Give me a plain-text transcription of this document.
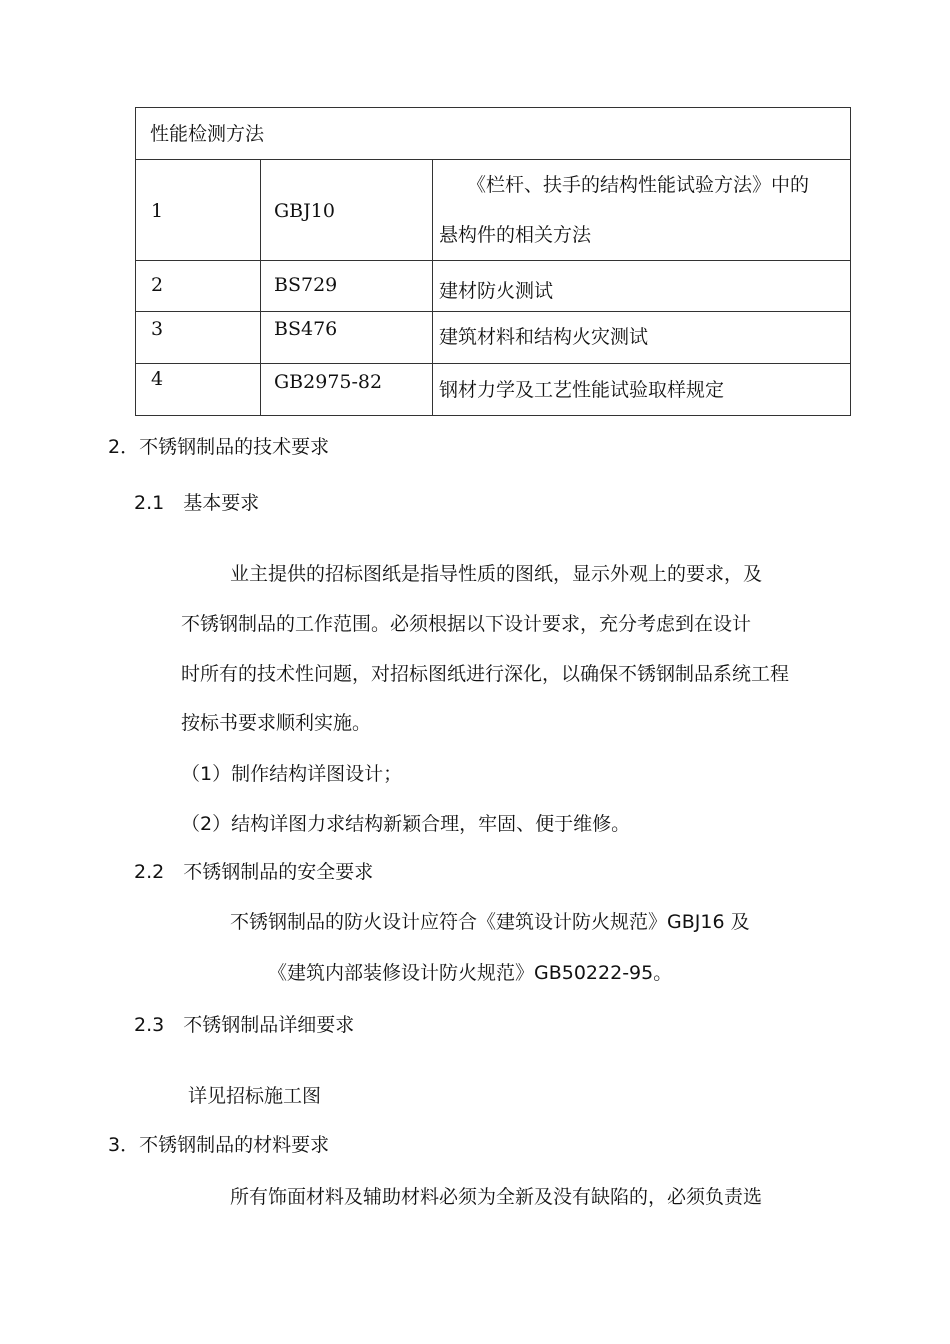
性能检测方法		

1	GBJ10	《栏杆、扶手的结构性能试验方法》中的
悬构件的相关方法

2	BS729	建材防火测试

3	BS476	建筑材料和结构火灾测试

4	GB2975-82	钢材力学及工艺性能试验取样规定
2．不锈钢制品的技术要求
2.1　基本要求
业主提供的招标图纸是指导性质的图纸，显示外观上的要求，及
不锈钢制品的工作范围。必须根据以下设计要求，充分考虑到在设计
时所有的技术性问题，对招标图纸进行深化，以确保不锈钢制品系统工程
按标书要求顺利实施。
（1）制作结构详图设计；
（2）结构详图力求结构新颖合理，牢固、便于维修。
2.2　不锈钢制品的安全要求
不锈钢制品的防火设计应符合《建筑设计防火规范》GBJ16 及
《建筑内部装修设计防火规范》GB50222-95。
2.3　不锈钢制品详细要求
详见招标施工图
3．不锈钢制品的材料要求
所有饰面材料及辅助材料必须为全新及没有缺陷的，必须负责选
